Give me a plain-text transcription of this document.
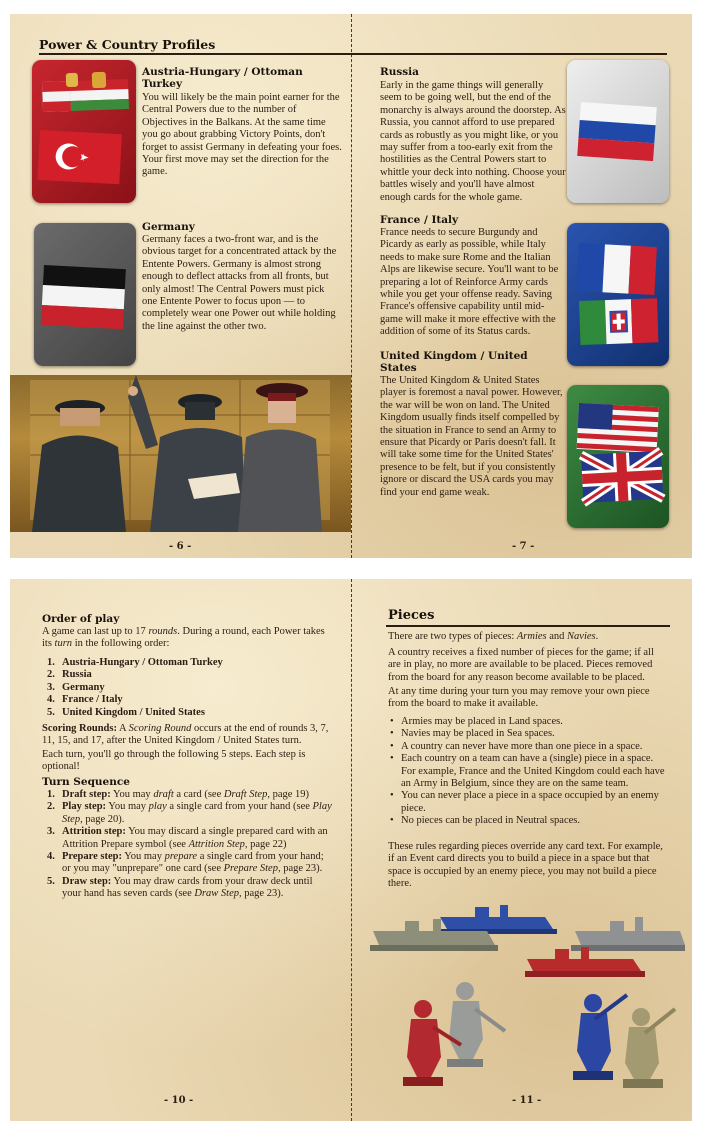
Power & Country Profiles
Austria-Hungary / Ottoman Turkey
You will likely be the main point earner for the Central Powers due to the number of Objectives in the Balkans. At the same time you go about grabbing Victory Points, don't forget to assist Germany in defeating your foes. Your first move may set the direction for the game.
Germany
Germany faces a two-front war, and is the obvious target for a concentrated attack by the Entente Powers. Germany is almost strong enough to deflect attacks from all fronts, but only almost! The Central Powers must pick one Entente Power to focus upon — to completely wear one Power out while holding the line against the other two.
- 6 -
Russia
Early in the game things will generally seem to be going well, but the end of the monarchy is always around the doorstep. As Russia, you cannot afford to use prepared cards as robustly as you might like, or you may suffer from a too-early exit from the hostilities as the Central Powers start to whittle your deck into nothing. Choose your battles wisely and you'll have almost enough cards for the whole game.
France / Italy
France needs to secure Burgundy and Picardy as early as possible, while Italy needs to make sure Rome and the Italian Alps are likewise secure. You'll want to be preparing a lot of Reinforce Army cards while you get your offense ready. Saving France's offensive capability until mid-game will make it more effective with the addition of some of its Status cards.
United Kingdom / United States
The United Kingdom & United States player is foremost a naval power. However, the war will be won on land. The United Kingdom usually finds itself compelled by the situation in France to send an Army to ensure that Picardy or Paris doesn't fall. It will take some time for the United States' presence to be felt, but if you consistently ignore or discard the USA cards you may find your end game weak.
- 7 -
Order of play
A game can last up to 17 rounds. During a round, each Power takes its turn in the following order:
1. Austria-Hungary / Ottoman Turkey
2. Russia
3. Germany
4. France / Italy
5. United Kingdom / United States
Scoring Rounds: A Scoring Round occurs at the end of rounds 3, 7, 11, 15, and 17, after the United Kingdom / United States turn.
Each turn, you'll go through the following 5 steps. Each step is optional!
Turn Sequence
1. Draft step: You may draft a card (see Draft Step, page 19)
2. Play step: You may play a single card from your hand (see Play Step, page 20).
3. Attrition step: You may discard a single prepared card with an Attrition Prepare symbol (see Attrition Step, page 22)
4. Prepare step: You may prepare a single card from your hand; or you may "unprepare" one card (see Prepare Step, page 23).
5. Draw step: You may draw cards from your draw deck until your hand has seven cards (see Draw Step, page 23).
- 10 -
Pieces
There are two types of pieces: Armies and Navies.
A country receives a fixed number of pieces for the game; if all are in play, no more are available to be placed. Pieces removed from the board for any reason become available to be placed.
At any time during your turn you may remove your own piece from the board to make it available.
• Armies may be placed in Land spaces.
• Navies may be placed in Sea spaces.
• A country can never have more than one piece in a space.
• Each country on a team can have a (single) piece in a space. For example, France and the United Kingdom could each have an Army in Belgium, since they are on the same team.
• You can never place a piece in a space occupied by an enemy piece.
• No pieces can be placed in Neutral spaces.
These rules regarding pieces override any card text. For example, if an Event card directs you to build a piece in a space but that space is occupied by an enemy piece, you may not build a piece there.
- 11 -
